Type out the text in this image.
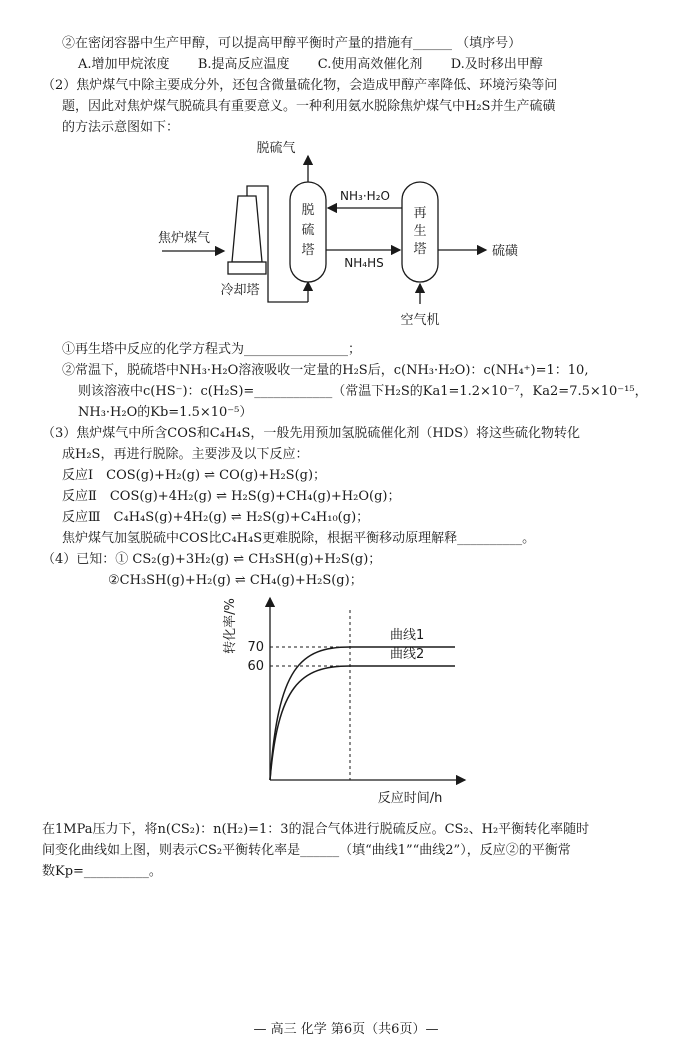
②在密闭容器中生产甲醇，可以提高甲醇平衡时产量的措施有______ （填序号）
A.增加甲烷浓度 B.提高反应温度 C.使用高效催化剂 D.及时移出甲醇
（2）焦炉煤气中除主要成分外，还包含微量硫化物，会造成甲醇产率降低、环境污染等问
题，因此对焦炉煤气脱硫具有重要意义。一种利用氨水脱除焦炉煤气中H₂S并生产硫磺
的方法示意图如下：
脱硫气
焦炉煤气
冷却塔
脱
硫
塔
再
生
塔
NH₃·H₂O
NH₄HS
硫磺
空气机
①再生塔中反应的化学方程式为________________；
②常温下，脱硫塔中NH₃·H₂O溶液吸收一定量的H₂S后，c(NH₃·H₂O)：c(NH₄⁺)=1：10,
则该溶液中c(HS⁻)：c(H₂S)=____________（常温下H₂S的Ka1=1.2×10⁻⁷，Ka2=7.5×10⁻¹⁵，
NH₃·H₂O的Kb=1.5×10⁻⁵）
（3）焦炉煤气中所含COS和C₄H₄S，一般先用预加氢脱硫催化剂（HDS）将这些硫化物转化
成H₂S，再进行脱除。主要涉及以下反应：
反应Ⅰ　COS(g)+H₂(g) ⇌ CO(g)+H₂S(g)；
反应Ⅱ　COS(g)+4H₂(g) ⇌ H₂S(g)+CH₄(g)+H₂O(g)；
反应Ⅲ　C₄H₄S(g)+4H₂(g) ⇌ H₂S(g)+C₄H₁₀(g)；
焦炉煤气加氢脱硫中COS比C₄H₄S更难脱除，根据平衡移动原理解释__________。
（4）已知：① CS₂(g)+3H₂(g) ⇌ CH₃SH(g)+H₂S(g)；
②CH₃SH(g)+H₂(g) ⇌ CH₄(g)+H₂S(g)；
转化率/%
反应时间/h
70
曲线1
60
曲线2
在1MPa压力下，将n(CS₂)：n(H₂)=1：3的混合气体进行脱硫反应。CS₂、H₂平衡转化率随时
间变化曲线如上图，则表示CS₂平衡转化率是______（填“曲线1”“曲线2”），反应②的平衡常
数Kp=__________。
— 高三 化学 第6页（共6页）—
